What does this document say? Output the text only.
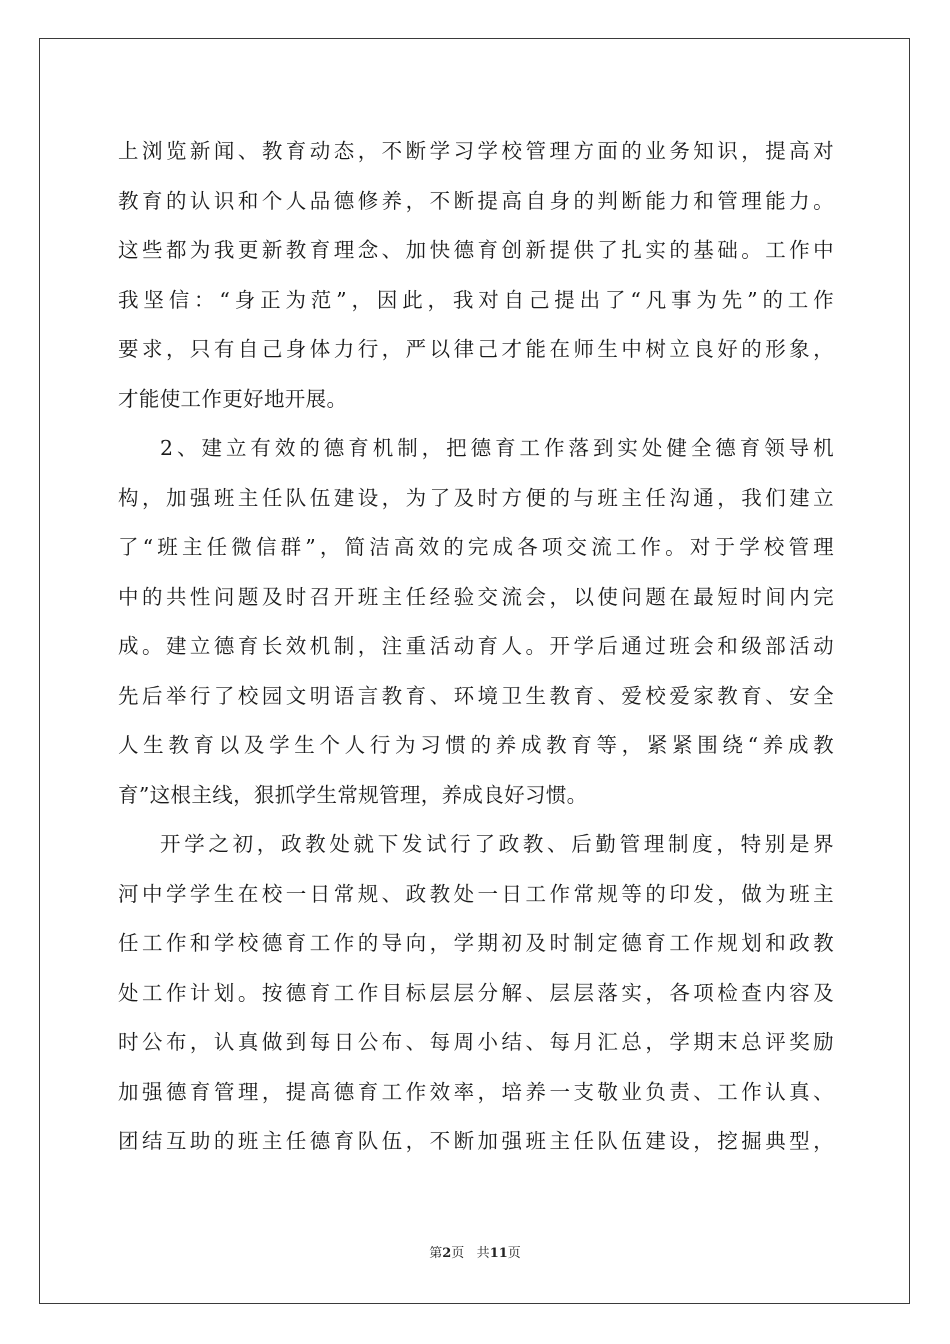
上浏览新闻、教育动态，不断学习学校管理方面的业务知识，提高对
教育的认识和个人品德修养，不断提高自身的判断能力和管理能力。
这些都为我更新教育理念、加快德育创新提供了扎实的基础。工作中
我坚信：“身正为范”，因此，我对自己提出了“凡事为先”的工作
要求，只有自己身体力行，严以律己才能在师生中树立良好的形象，
才能使工作更好地开展。
2、建立有效的德育机制，把德育工作落到实处健全德育领导机
构，加强班主任队伍建设，为了及时方便的与班主任沟通，我们建立
了“班主任微信群”，简洁高效的完成各项交流工作。对于学校管理
中的共性问题及时召开班主任经验交流会，以使问题在最短时间内完
成。建立德育长效机制，注重活动育人。开学后通过班会和级部活动
先后举行了校园文明语言教育、环境卫生教育、爱校爱家教育、安全
人生教育以及学生个人行为习惯的养成教育等，紧紧围绕“养成教
育”这根主线，狠抓学生常规管理，养成良好习惯。
开学之初，政教处就下发试行了政教、后勤管理制度，特别是界
河中学学生在校一日常规、政教处一日工作常规等的印发，做为班主
任工作和学校德育工作的导向，学期初及时制定德育工作规划和政教
处工作计划。按德育工作目标层层分解、层层落实，各项检查内容及
时公布，认真做到每日公布、每周小结、每月汇总，学期末总评奖励
加强德育管理，提高德育工作效率，培养一支敬业负责、工作认真、
团结互助的班主任德育队伍，不断加强班主任队伍建设，挖掘典型，
第2页 共11页
